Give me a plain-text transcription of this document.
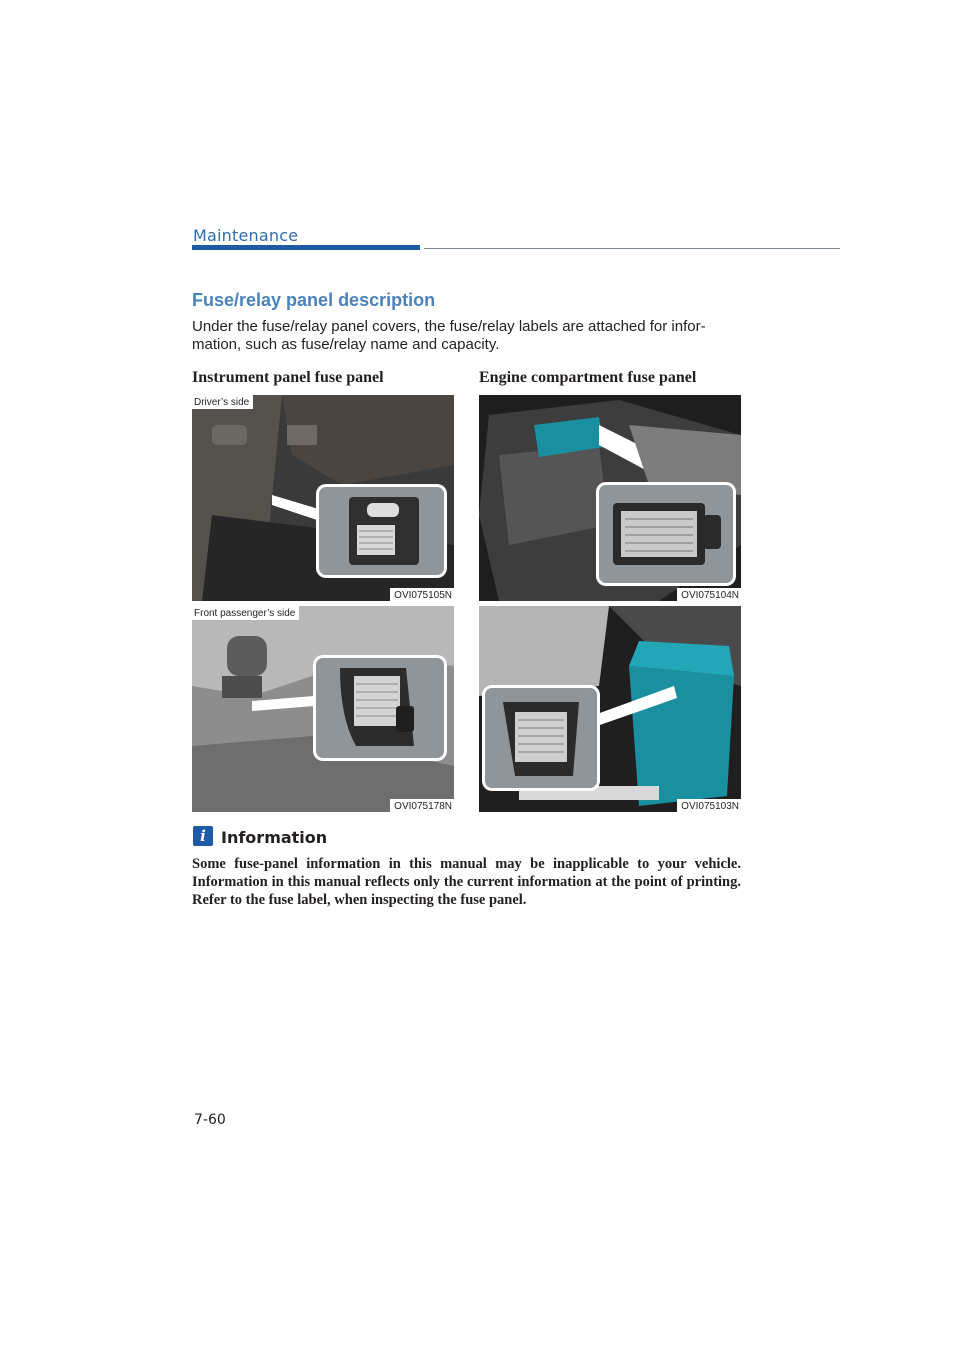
Maintenance
Fuse/relay panel description
Under the fuse/relay panel covers, the fuse/relay labels are attached for infor-mation, such as fuse/relay name and capacity.
Instrument panel fuse panel	Engine compartment fuse panel
Driver’s side
OVI075105N	OVI075104N
Front passenger’s side
OVI075178N	OVI075103N
i Information
Some fuse-panel information in this manual may be inapplicable to your vehicle. Information in this manual reflects only the current information at the point of printing. Refer to the fuse label, when inspecting the fuse panel.
7-60
